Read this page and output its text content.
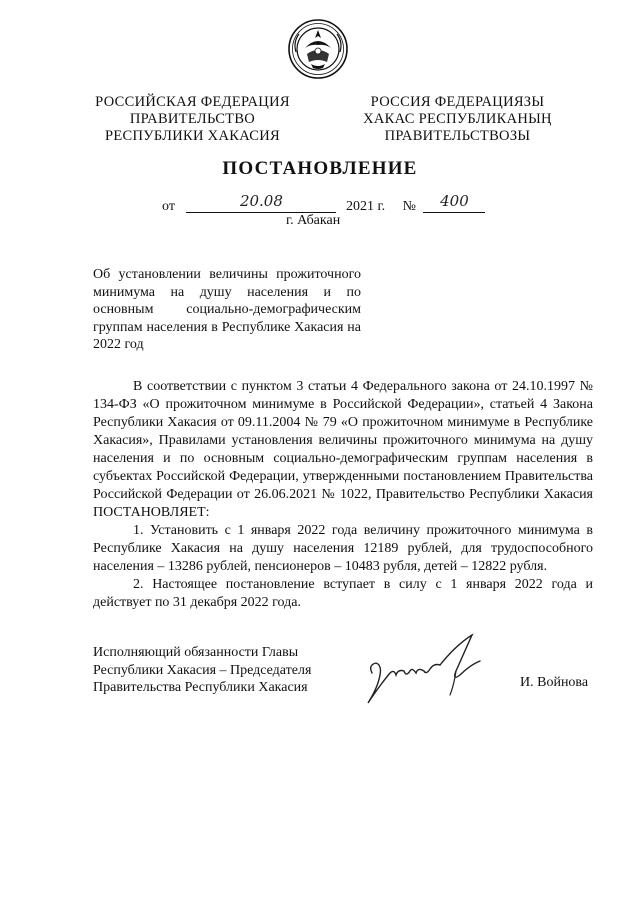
РОССИЙСКАЯ ФЕДЕРАЦИЯ
ПРАВИТЕЛЬСТВО
РЕСПУБЛИКИ ХАКАСИЯ
РОССИЯ ФЕДЕРАЦИЯЗЫ
ХАКАС РЕСПУБЛИКАНЫҢ
ПРАВИТЕЛЬСТВОЗЫ
ПОСТАНОВЛЕНИЕ
от	20.08	2021 г. № 400
г. Абакан
Об установлении величины прожиточного минимума на душу населения и по основным социально-демографическим группам населения в Республике Хакасия на 2022 год

В соответствии с пунктом 3 статьи 4 Федерального закона от 24.10.1997 № 134-ФЗ «О прожиточном минимуме в Российской Федерации», статьей 4 Закона Республики Хакасия от 09.11.2004 № 79 «О прожиточном минимуме в Республике Хакасия», Правилами установления величины прожиточного минимума на душу населения и по основным социально-демографическим группам населения в субъектах Российской Федерации, утвержденными постановлением Правительства Российской Федерации от 26.06.2021 № 1022, Правительство Республики Хакасия ПОСТАНОВЛЯЕТ:

1. Установить с 1 января 2022 года величину прожиточного минимума в Республике Хакасия на душу населения 12189 рублей, для трудоспособного населения – 13286 рублей, пенсионеров – 10483 рубля, детей – 12822 рубля.

2. Настоящее постановление вступает в силу с 1 января 2022 года и действует по 31 декабря 2022 года.

Исполняющий обязанности Главы
Республики Хакасия – Председателя
Правительства Республики Хакасия	И. Войнова
